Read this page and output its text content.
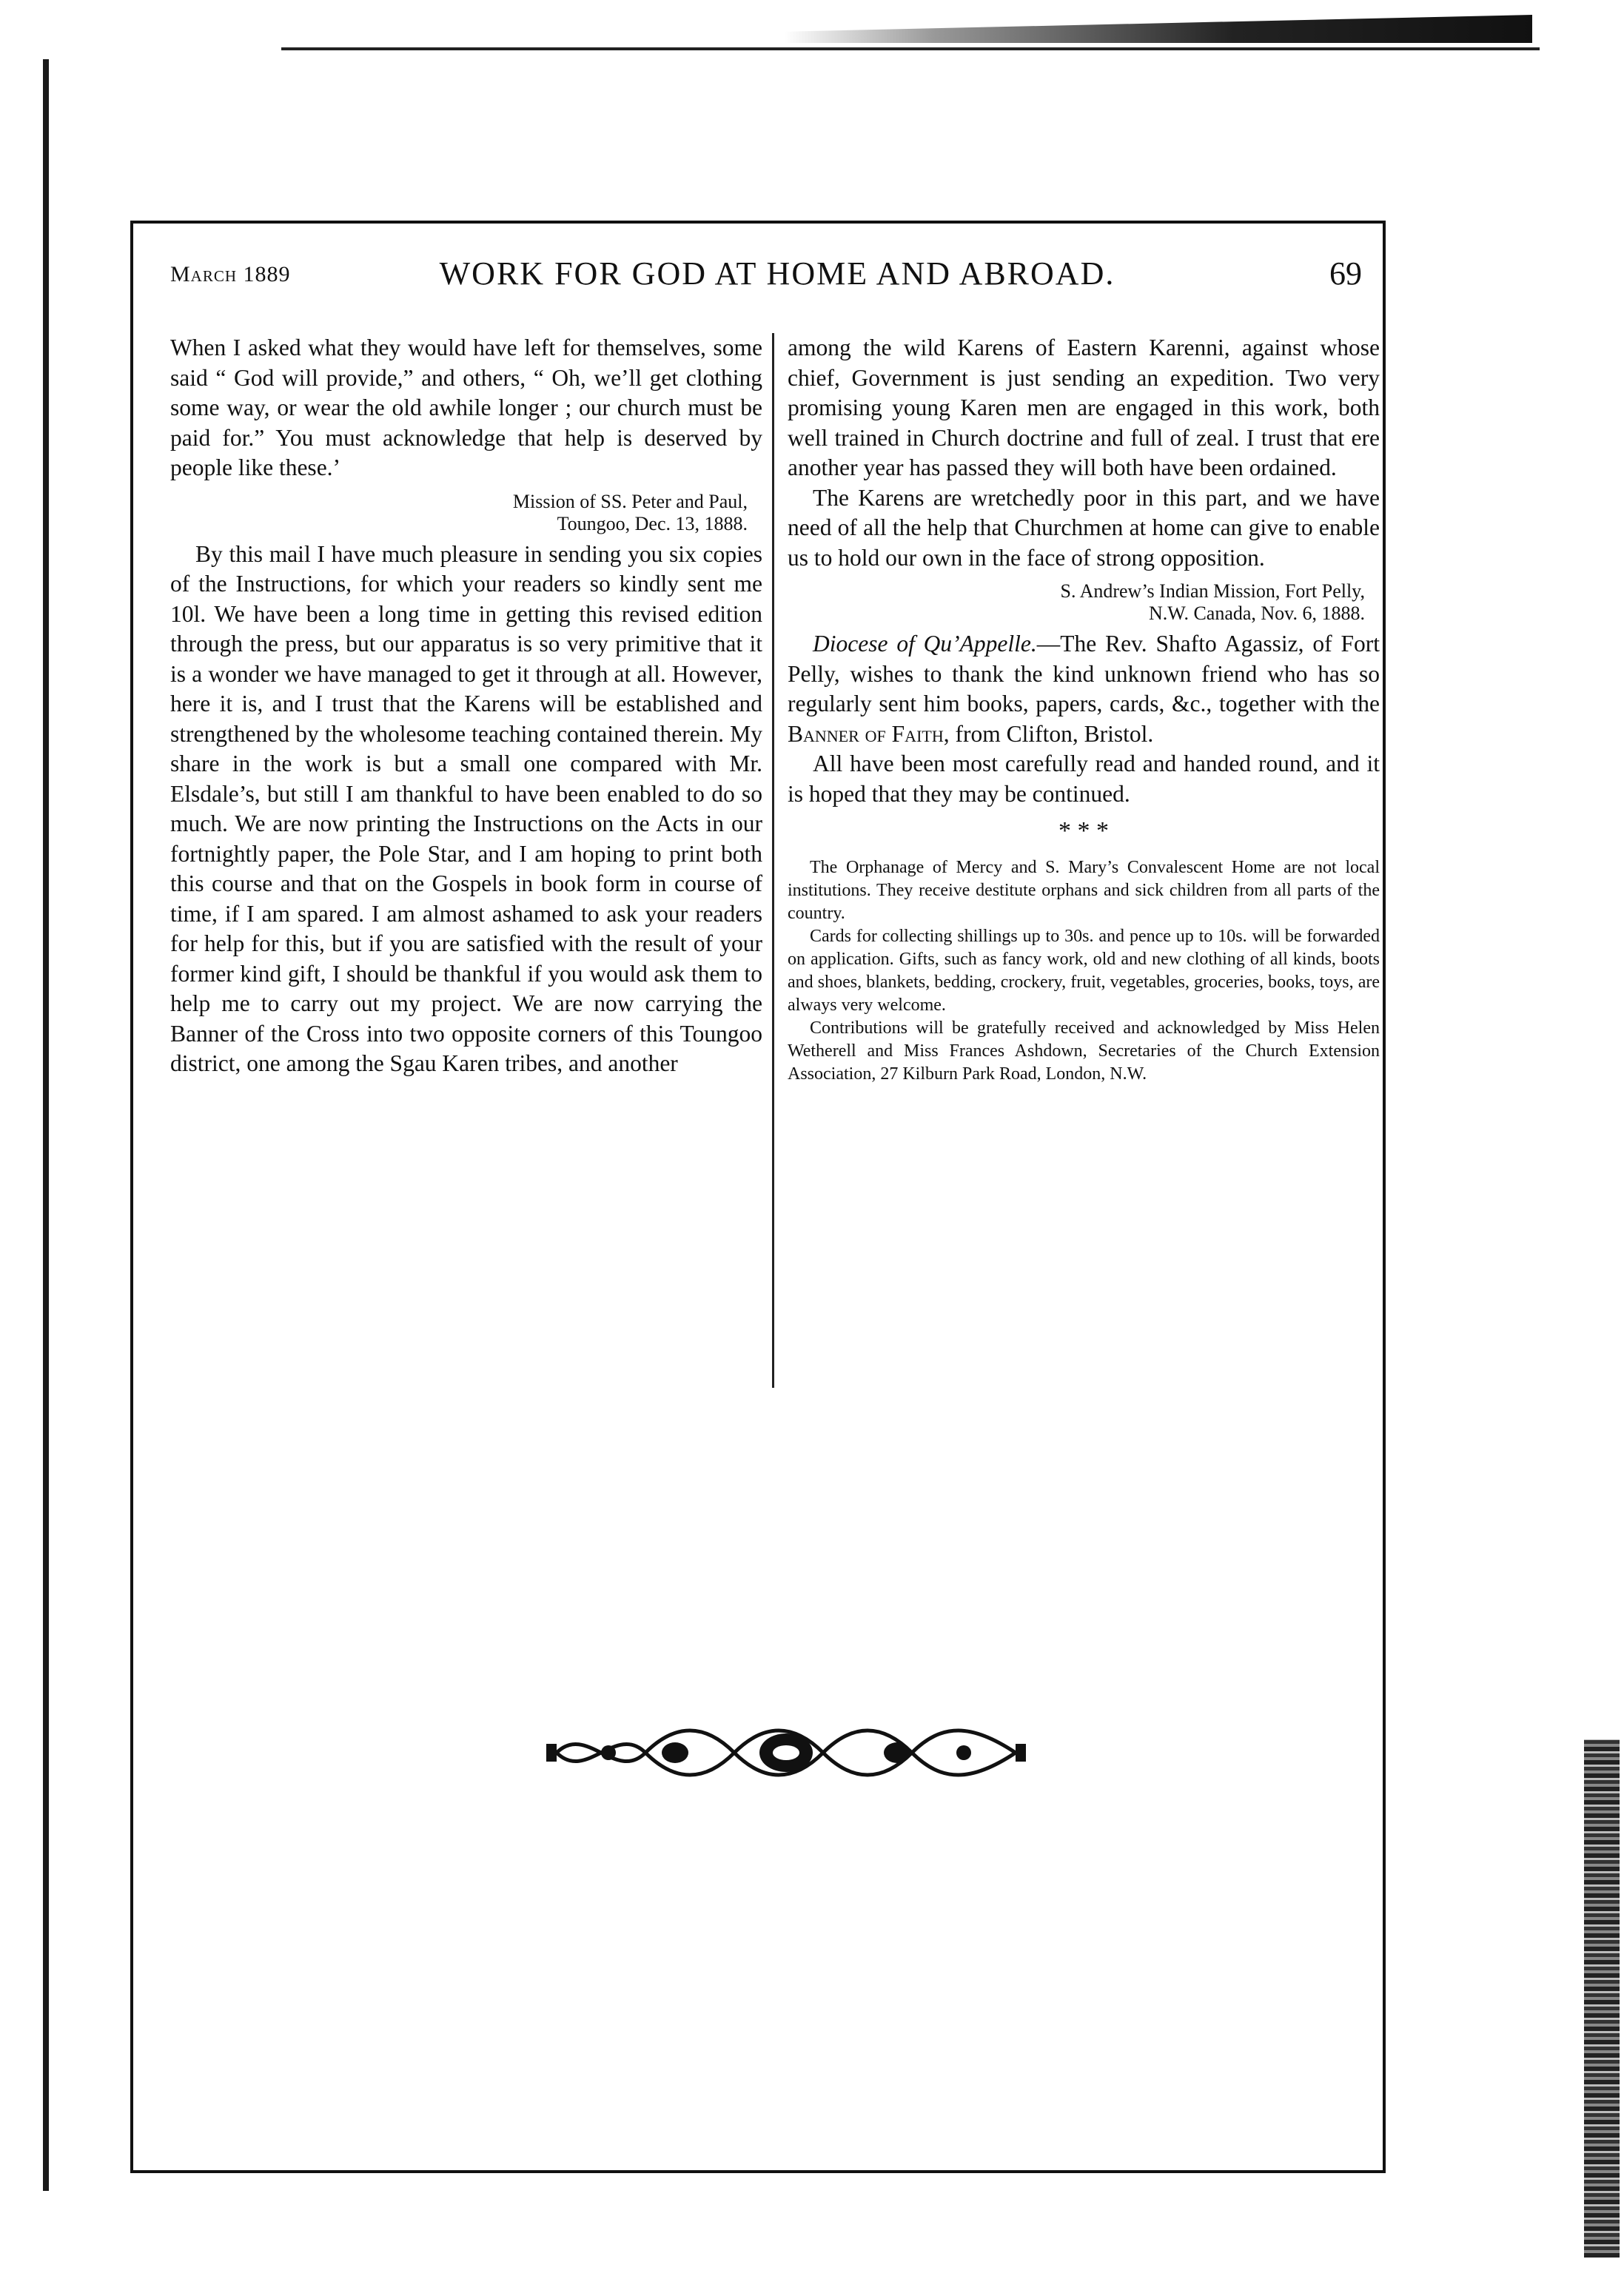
March 1889	WORK FOR GOD AT HOME AND ABROAD.	69

When I asked what they would have left for themselves, some said “ God will provide,” and others, “ Oh, we’ll get clothing some way, or wear the old awhile longer ; our church must be paid for.” You must acknowledge that help is deserved by people like these.’

Mission of SS. Peter and Paul,
Toungoo, Dec. 13, 1888.

By this mail I have much pleasure in sending you six copies of the Instructions, for which your readers so kindly sent me 10l. We have been a long time in getting this revised edition through the press, but our apparatus is so very primitive that it is a wonder we have managed to get it through at all. However, here it is, and I trust that the Karens will be established and strengthened by the wholesome teaching contained therein. My share in the work is but a small one compared with Mr. Elsdale’s, but still I am thankful to have been enabled to do so much. We are now printing the Instructions on the Acts in our fortnightly paper, the Pole Star, and I am hoping to print both this course and that on the Gospels in book form in course of time, if I am spared. I am almost ashamed to ask your readers for help for this, but if you are satisfied with the result of your former kind gift, I should be thankful if you would ask them to help me to carry out my project. We are now carrying the Banner of the Cross into two opposite corners of this Toungoo district, one among the Sgau Karen tribes, and another

among the wild Karens of Eastern Karenni, against whose chief, Government is just sending an expedition. Two very promising young Karen men are engaged in this work, both well trained in Church doctrine and full of zeal. I trust that ere another year has passed they will both have been ordained.

The Karens are wretchedly poor in this part, and we have need of all the help that Churchmen at home can give to enable us to hold our own in the face of strong opposition.

S. Andrew’s Indian Mission, Fort Pelly,
N.W. Canada, Nov. 6, 1888.

Diocese of Qu’Appelle.—The Rev. Shafto Agassiz, of Fort Pelly, wishes to thank the kind unknown friend who has so regularly sent him books, papers, cards, &c., together with the Banner of Faith, from Clifton, Bristol.

All have been most carefully read and handed round, and it is hoped that they may be continued.

* * *

The Orphanage of Mercy and S. Mary’s Convalescent Home are not local institutions. They receive destitute orphans and sick children from all parts of the country.

Cards for collecting shillings up to 30s. and pence up to 10s. will be forwarded on application. Gifts, such as fancy work, old and new clothing of all kinds, boots and shoes, blankets, bedding, crockery, fruit, vegetables, groceries, books, toys, are always very welcome.

Contributions will be gratefully received and acknowledged by Miss Helen Wetherell and Miss Frances Ashdown, Secretaries of the Church Extension Association, 27 Kilburn Park Road, London, N.W.
